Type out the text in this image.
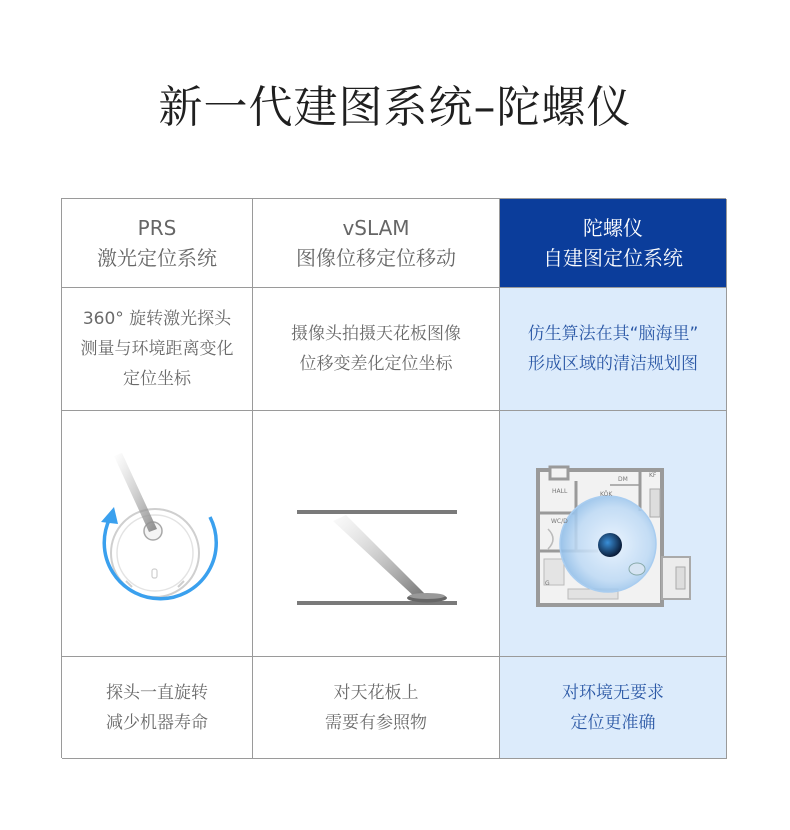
新一代建图系统–陀螺仪
PRS
激光定位系统
vSLAM
图像位移定位移动
陀螺仪
自建图定位系统
360° 旋转激光探头
测量与环境距离变化
定位坐标
摄像头拍摄天花板图像
位移变差化定位坐标
仿生算法在其“脑海里”
形成区域的清洁规划图
HALL	KÖK
DM
KF
WC/D
G
探头一直旋转
减少机器寿命
对天花板上
需要有参照物
对环境无要求
定位更准确
